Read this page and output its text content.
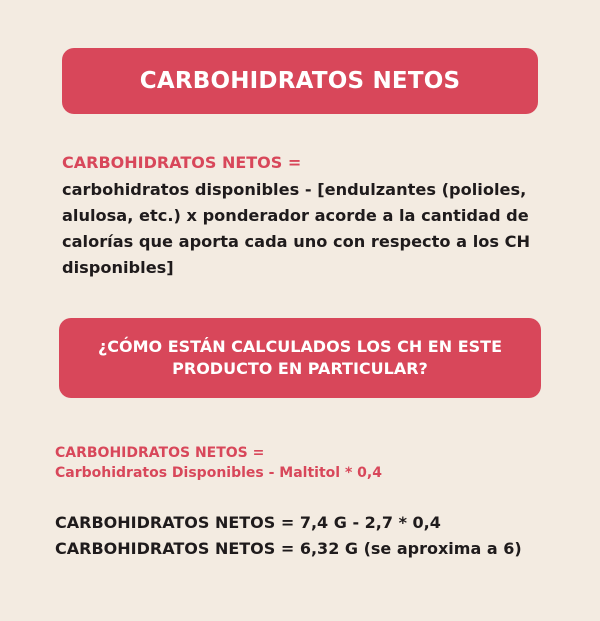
CARBOHIDRATOS NETOS
CARBOHIDRATOS NETOS =
carbohidratos disponibles - [endulzantes (polioles, alulosa, etc.) x ponderador acorde a la cantidad de calorías que aporta cada uno con respecto a los CH disponibles]
¿CÓMO ESTÁN CALCULADOS LOS CH EN ESTE
PRODUCTO EN PARTICULAR?
CARBOHIDRATOS NETOS =
Carbohidratos Disponibles - Maltitol * 0,4
CARBOHIDRATOS NETOS = 7,4 G - 2,7 * 0,4
CARBOHIDRATOS NETOS = 6,32 G (se aproxima a 6)
